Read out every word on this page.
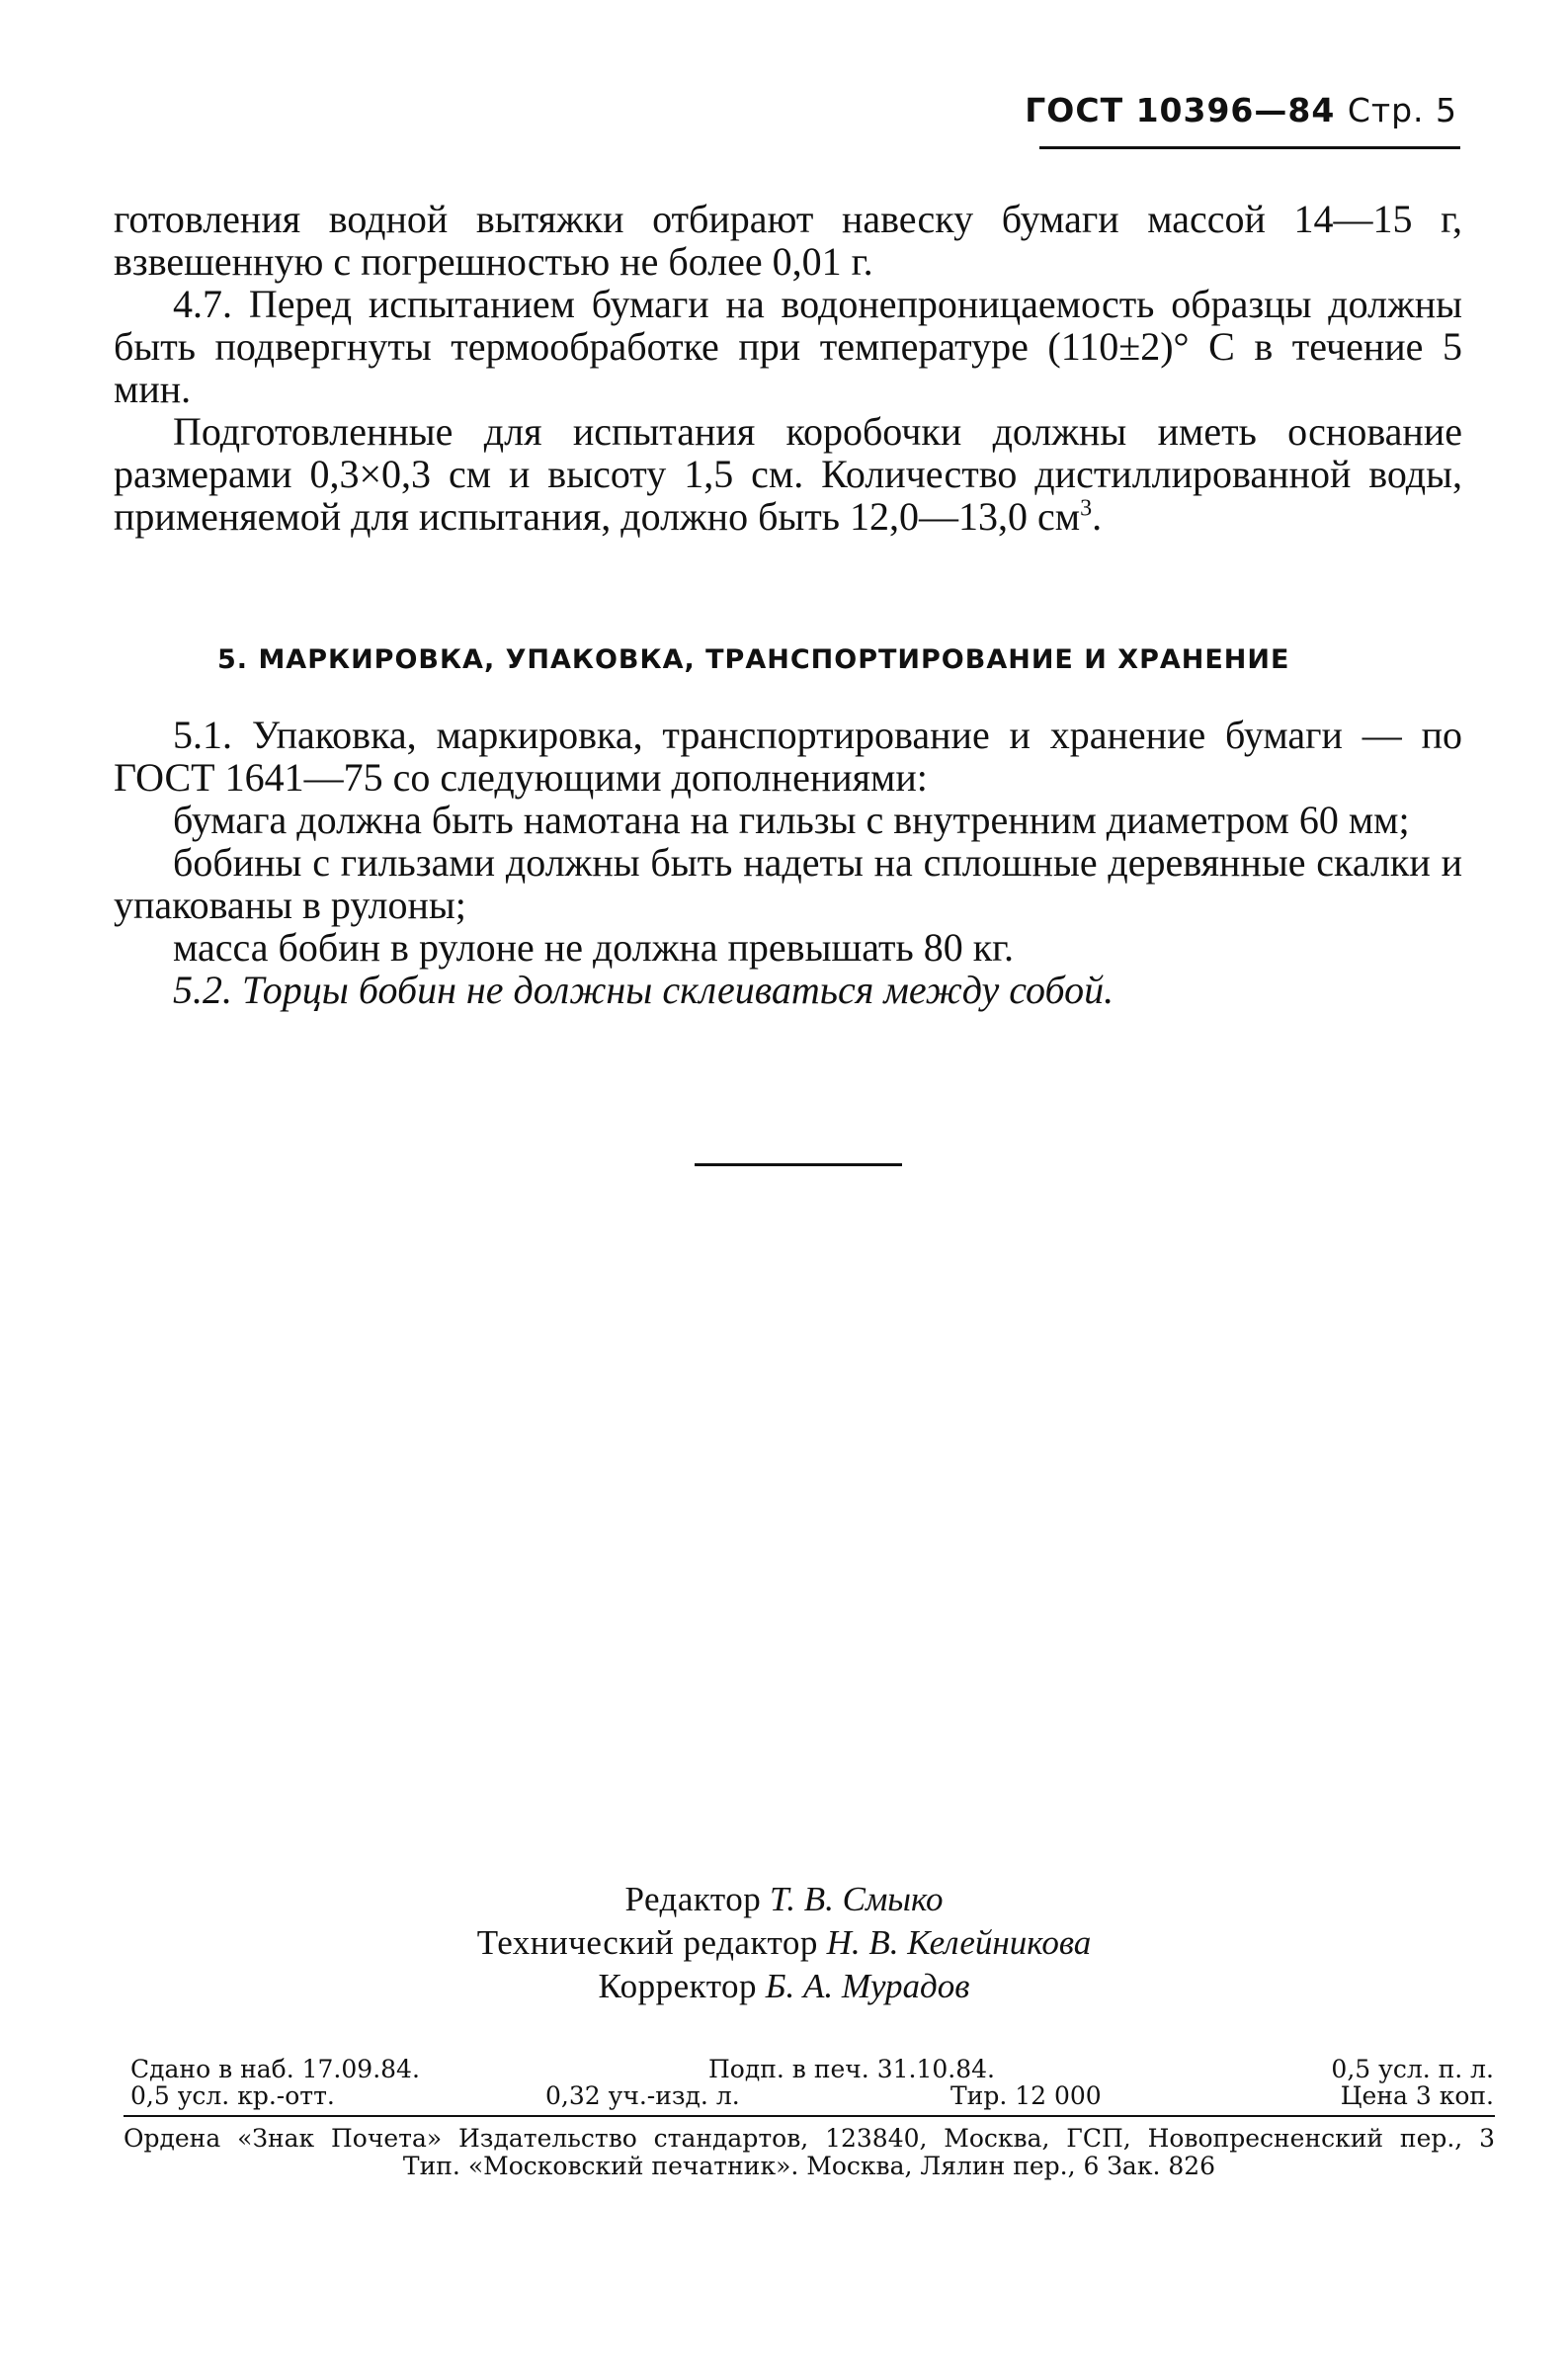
ГОСТ 10396—84 Стр. 5

готовления водной вытяжки отбирают навеску бумаги массой 14—15 г, взвешенную с погрешностью не более 0,01 г.

4.7. Перед испытанием бумаги на водонепроницаемость образцы должны быть подвергнуты термообработке при температуре (110±2)° С в течение 5 мин.

Подготовленные для испытания коробочки должны иметь основание размерами 0,3×0,3 см и высоту 1,5 см. Количество дистиллированной воды, применяемой для испытания, должно быть 12,0—13,0 $см^3$.

5. МАРКИРОВКА, УПАКОВКА, ТРАНСПОРТИРОВАНИЕ И ХРАНЕНИЕ

5.1. Упаковка, маркировка, транспортирование и хранение бумаги — по ГОСТ 1641—75 со следующими дополнениями:

бумага должна быть намотана на гильзы с внутренним диаметром 60 мм;

бобины с гильзами должны быть надеты на сплошные деревянные скалки и упакованы в рулоны;

масса бобин в рулоне не должна превышать 80 кг.

5.2. Торцы бобин не должны склеиваться между собой.

Редактор Т. В. Смыко
Технический редактор Н. В. Келейникова
Корректор Б. А. Мурадов
Сдано в наб. 17.09.84.	Подп. в печ. 31.10.84.	0,5 усл. п. л.
0,5 усл. кр.-отт.	0,32 уч.-изд. л.	Тир. 12 000	Цена 3 коп.
Ордена «Знак Почета» Издательство стандартов, 123840, Москва, ГСП, Новопресненский пер., 3
Тип. «Московский печатник». Москва, Лялин пер., 6 Зак. 826
